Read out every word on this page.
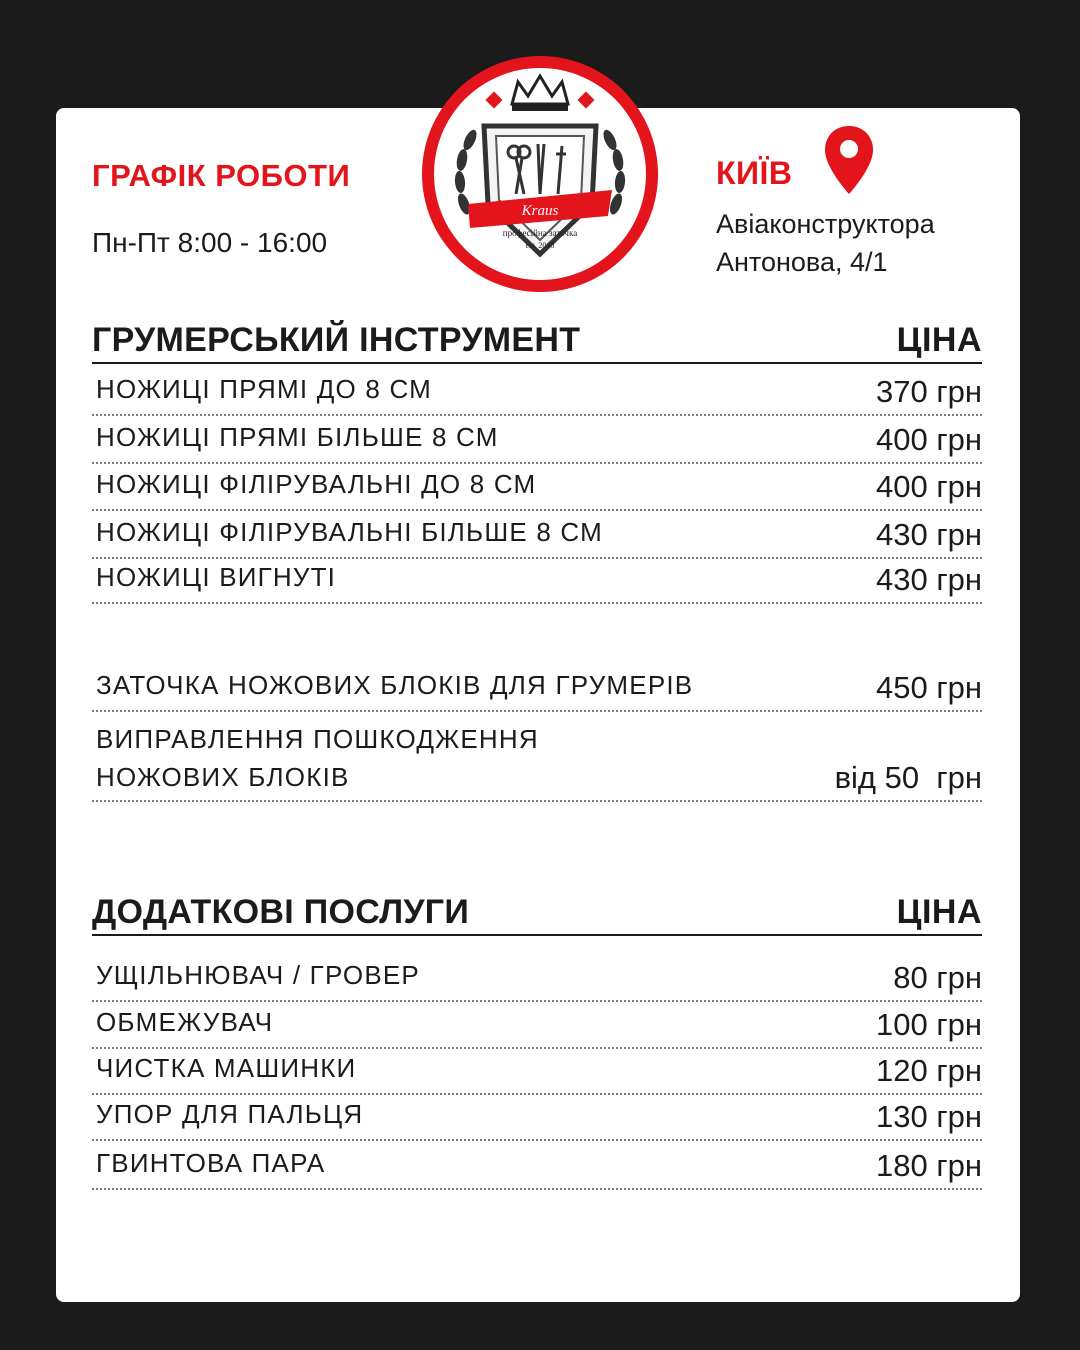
ГРАФІК РОБОТИ
Пн-Пт 8:00 - 16:00
КИЇВ
Авіаконструктора
Антонова, 4/1
Kraus
професійна заточка
est. 2010
ГРУМЕРСЬКИЙ ІНСТРУМЕНТ	ЦІНА
НОЖИЦІ ПРЯМІ ДО 8 СМ	370 грн
НОЖИЦІ ПРЯМІ БІЛЬШЕ 8 СМ	400 грн
НОЖИЦІ ФІЛІРУВАЛЬНІ ДО 8 СМ	400 грн
НОЖИЦІ ФІЛІРУВАЛЬНІ БІЛЬШЕ 8 СМ	430 грн
НОЖИЦІ ВИГНУТІ	430 грн
ЗАТОЧКА НОЖОВИХ БЛОКІВ ДЛЯ ГРУМЕРІВ	450 грн
ВИПРАВЛЕННЯ ПОШКОДЖЕННЯ
НОЖОВИХ БЛОКІВ	від 50  грн
ДОДАТКОВІ ПОСЛУГИ	ЦІНА
УЩІЛЬНЮВАЧ / ГРОВЕР	80 грн
ОБМЕЖУВАЧ	100 грн
ЧИСТКА МАШИНКИ	120 грн
УПОР ДЛЯ ПАЛЬЦЯ	130 грн
ГВИНТОВА ПАРА	180 грн
